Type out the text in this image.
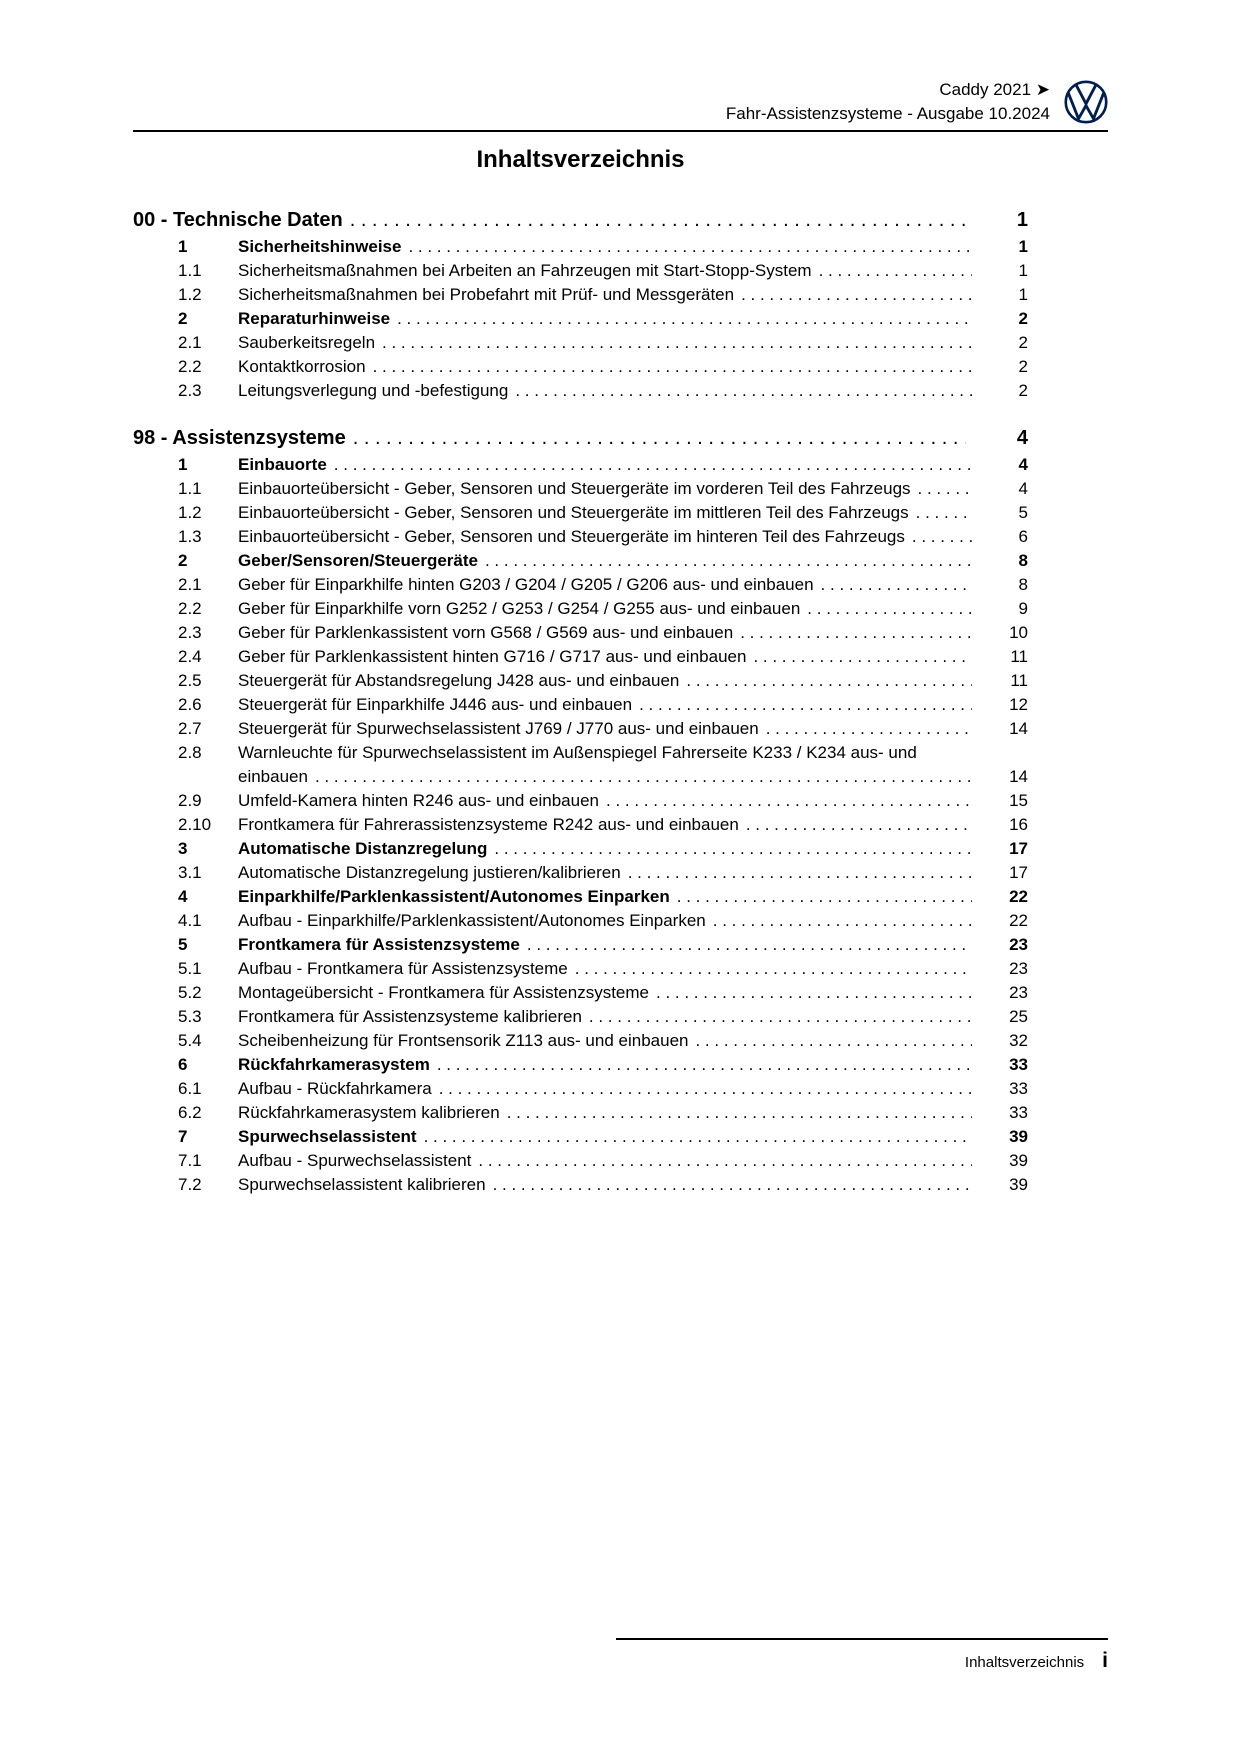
Caddy 2021 ➤
Fahr-Assistenzsysteme - Ausgabe 10.2024
Inhaltsverzeichnis
00 - Technische Daten . . .	1
1	Sicherheitshinweise . . .	1
1.1	Sicherheitsmaßnahmen bei Arbeiten an Fahrzeugen mit Start-Stopp-System . . .	1
1.2	Sicherheitsmaßnahmen bei Probefahrt mit Prüf- und Messgeräten . . .	1
2	Reparaturhinweise . . .	2
2.1	Sauberkeitsregeln . . .	2
2.2	Kontaktkorrosion . . .	2
2.3	Leitungsverlegung und -befestigung . . .	2
98 - Assistenzsysteme . . .	4
1	Einbauorte . . .	4
1.1	Einbauorteübersicht - Geber, Sensoren und Steuergeräte im vorderen Teil des Fahrzeugs . . .	4
1.2	Einbauorteübersicht - Geber, Sensoren und Steuergeräte im mittleren Teil des Fahrzeugs . . .	5
1.3	Einbauorteübersicht - Geber, Sensoren und Steuergeräte im hinteren Teil des Fahrzeugs . . .	6
2	Geber/Sensoren/Steuergeräte . . .	8
2.1	Geber für Einparkhilfe hinten G203 / G204 / G205 / G206 aus- und einbauen . . .	8
2.2	Geber für Einparkhilfe vorn G252 / G253 / G254 / G255 aus- und einbauen . . .	9
2.3	Geber für Parklenkassistent vorn G568 / G569 aus- und einbauen . . .	10
2.4	Geber für Parklenkassistent hinten G716 / G717 aus- und einbauen . . .	11
2.5	Steuergerät für Abstandsregelung J428 aus- und einbauen . . .	11
2.6	Steuergerät für Einparkhilfe J446 aus- und einbauen . . .	12
2.7	Steuergerät für Spurwechselassistent J769 / J770 aus- und einbauen . . .	14
2.8	Warnleuchte für Spurwechselassistent im Außenspiegel Fahrerseite K233 / K234 aus- und einbauen . . .	14
2.9	Umfeld-Kamera hinten R246 aus- und einbauen . . .	15
2.10	Frontkamera für Fahrerassistenzsysteme R242 aus- und einbauen . . .	16
3	Automatische Distanzregelung . . .	17
3.1	Automatische Distanzregelung justieren/kalibrieren . . .	17
4	Einparkhilfe/Parklenkassistent/Autonomes Einparken . . .	22
4.1	Aufbau - Einparkhilfe/Parklenkassistent/Autonomes Einparken . . .	22
5	Frontkamera für Assistenzsysteme . . .	23
5.1	Aufbau - Frontkamera für Assistenzsysteme . . .	23
5.2	Montageübersicht - Frontkamera für Assistenzsysteme . . .	23
5.3	Frontkamera für Assistenzsysteme kalibrieren . . .	25
5.4	Scheibenheizung für Frontsensorik Z113 aus- und einbauen . . .	32
6	Rückfahrkamerasystem . . .	33
6.1	Aufbau - Rückfahrkamera . . .	33
6.2	Rückfahrkamerasystem kalibrieren . . .	33
7	Spurwechselassistent . . .	39
7.1	Aufbau - Spurwechselassistent . . .	39
7.2	Spurwechselassistent kalibrieren . . .	39
Inhaltsverzeichnis i
